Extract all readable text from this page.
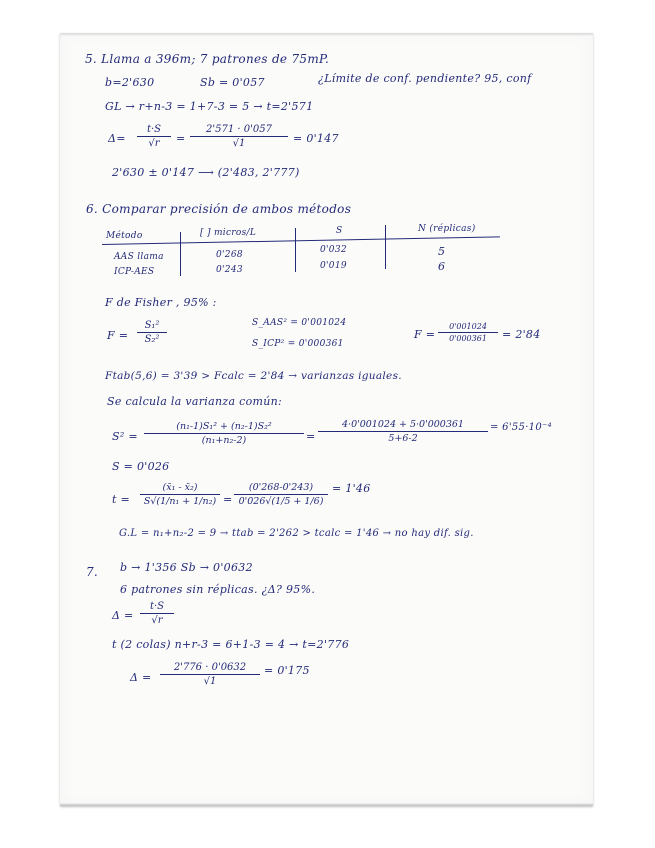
5. Llama a 396m; 7 patrones de 75mP.
b=2'630	Sb = 0'057	¿Límite de conf. pendiente? 95, conf
GL → r+n-3 = 1+7-3 = 5 → t=2'571
Δ=
t·S
√r	=
2'571 · 0'057
√1	= 0'147
2'630 ± 0'147 ⟶ (2'483, 2'777)
6. Comparar precisión de ambos métodos
Método	[ ] micros/L	S	N (réplicas)
AAS llama	0'268	0'032	5
ICP-AES	0'243	0'019	6
F de Fisher , 95% :
F =
S₁²
S₂²
S_AAS² = 0'001024
S_ICP² = 0'000361
F =
0'001024
0'000361	= 2'84
Ftab(5,6) = 3'39 > Fcalc = 2'84 → varianzas iguales.
Se calcula la varianza común:
S² =
(n₁-1)S₁² + (n₂-1)S₂²
(n₁+n₂-2)	=
4·0'001024 + 5·0'000361
5+6-2
= 6'55·10⁻⁴
S = 0'026
t =
(x̄₁ - x̄₂)
S√(1/n₁ + 1/n₂) =
(0'268-0'243)
0'026√(1/5 + 1/6)
= 1'46
G.L = n₁+n₂-2 = 9 → ttab = 2'262 > tcalc = 1'46 → no hay dif. sig.
7. b → 1'356 Sb → 0'0632
6 patrones sin réplicas. ¿Δ? 95%.
Δ =
t·S
√r
t (2 colas) n+r-3 = 6+1-3 = 4 → t=2'776
Δ =
2'776 · 0'0632
√1
= 0'175
